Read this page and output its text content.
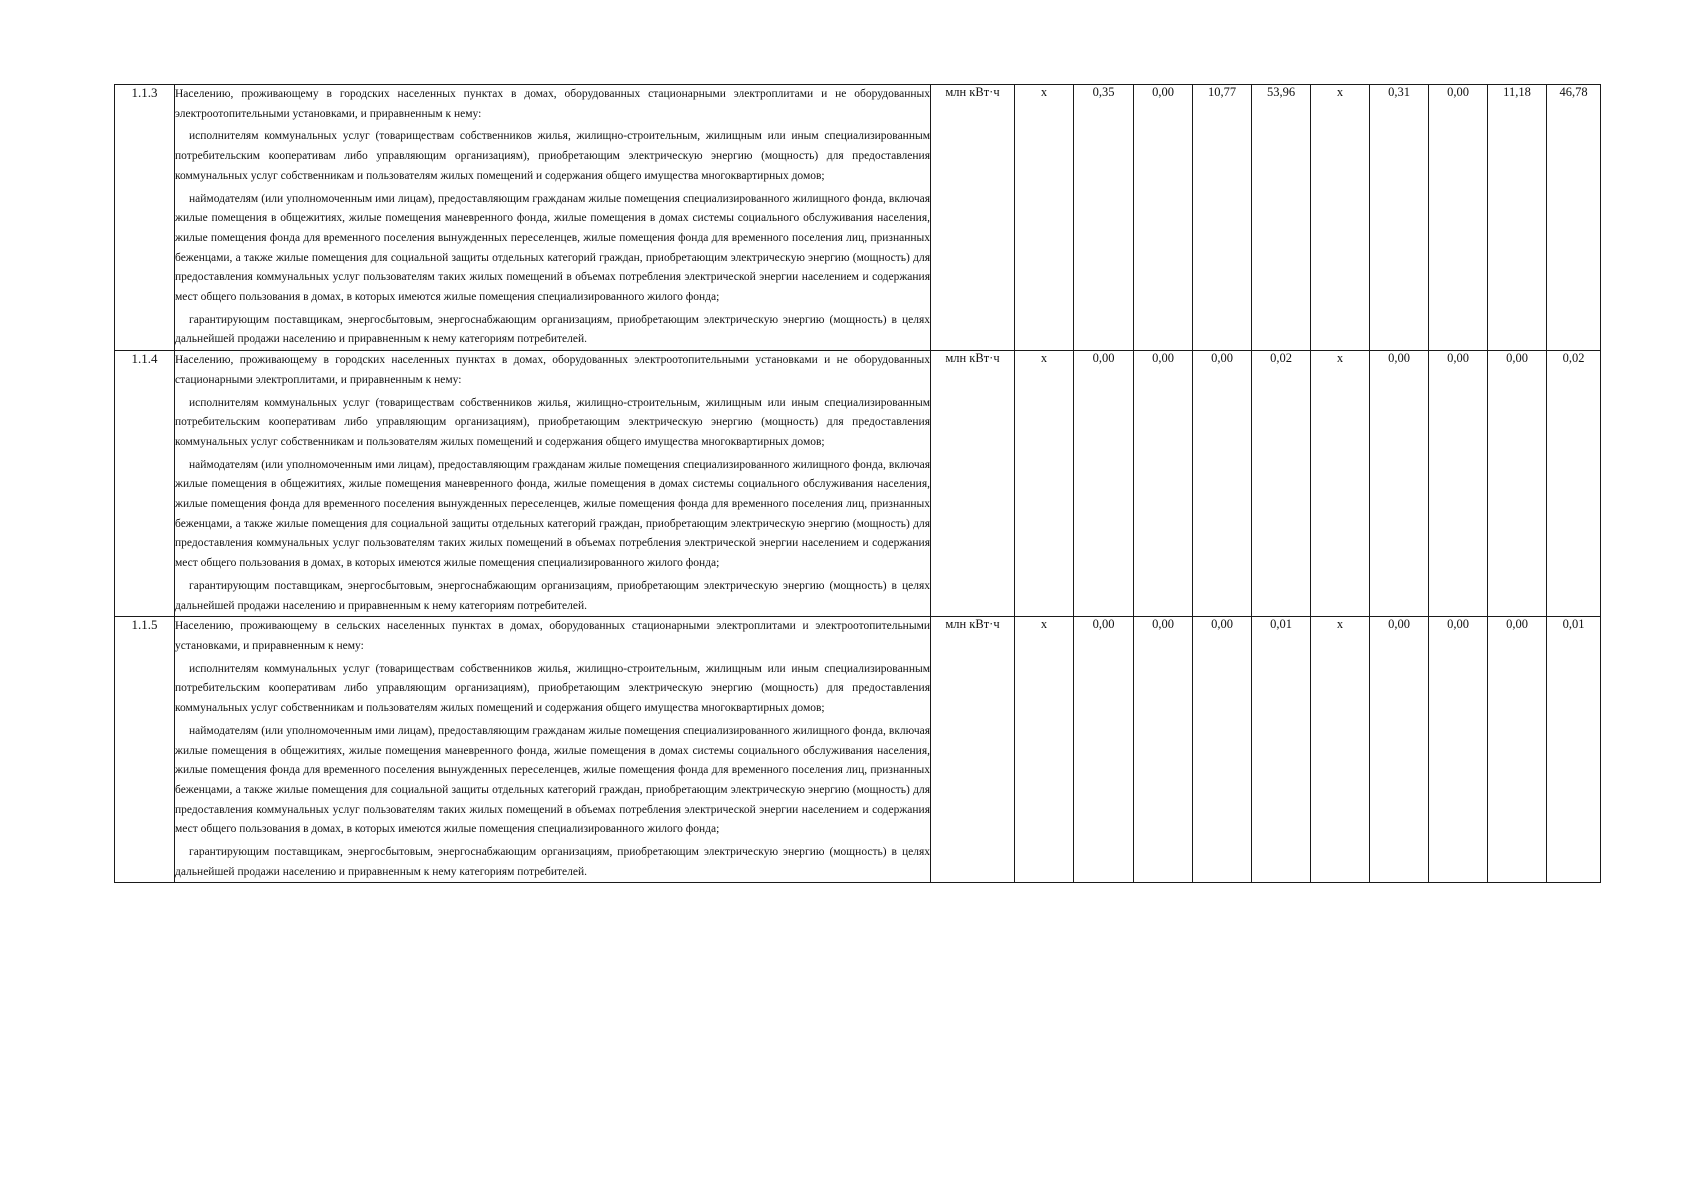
1.1.3	Населению, проживающему в городских населенных пунктах в домах, оборудованных стационарными электроплитами и не оборудованных электроотопительными установками, и приравненным к нему:

исполнителям коммунальных услуг (товариществам собственников жилья, жилищно-строительным, жилищным или иным специализированным потребительским кооперативам либо управляющим организациям), приобретающим электрическую энергию (мощность) для предоставления коммунальных услуг собственникам и пользователям жилых помещений и содержания общего имущества многоквартирных домов;

наймодателям (или уполномоченным ими лицам), предоставляющим гражданам жилые помещения специализированного жилищного фонда, включая жилые помещения в общежитиях, жилые помещения маневренного фонда, жилые помещения в домах системы социального обслуживания населения, жилые помещения фонда для временного поселения вынужденных переселенцев, жилые помещения фонда для временного поселения лиц, признанных беженцами, а также жилые помещения для социальной защиты отдельных категорий граждан, приобретающим электрическую энергию (мощность) для предоставления коммунальных услуг пользователям таких жилых помещений в объемах потребления электрической энергии населением и содержания мест общего пользования в домах, в которых имеются жилые помещения специализированного жилого фонда;

гарантирующим поставщикам, энергосбытовым, энергоснабжающим организациям, приобретающим электрическую энергию (мощность) в целях дальнейшей продажи населению и приравненным к нему категориям потребителей.	млн кВт·ч	х	0,35	0,00	10,77	53,96	х	0,31	0,00	11,18	46,78
1.1.4	Населению, проживающему в городских населенных пунктах в домах, оборудованных электроотопительными установками и не оборудованных стационарными электроплитами, и приравненным к нему:

исполнителям коммунальных услуг (товариществам собственников жилья, жилищно-строительным, жилищным или иным специализированным потребительским кооперативам либо управляющим организациям), приобретающим электрическую энергию (мощность) для предоставления коммунальных услуг собственникам и пользователям жилых помещений и содержания общего имущества многоквартирных домов;

наймодателям (или уполномоченным ими лицам), предоставляющим гражданам жилые помещения специализированного жилищного фонда, включая жилые помещения в общежитиях, жилые помещения маневренного фонда, жилые помещения в домах системы социального обслуживания населения, жилые помещения фонда для временного поселения вынужденных переселенцев, жилые помещения фонда для временного поселения лиц, признанных беженцами, а также жилые помещения для социальной защиты отдельных категорий граждан, приобретающим электрическую энергию (мощность) для предоставления коммунальных услуг пользователям таких жилых помещений в объемах потребления электрической энергии населением и содержания мест общего пользования в домах, в которых имеются жилые помещения специализированного жилого фонда;

гарантирующим поставщикам, энергосбытовым, энергоснабжающим организациям, приобретающим электрическую энергию (мощность) в целях дальнейшей продажи населению и приравненным к нему категориям потребителей.	млн кВт·ч	х	0,00	0,00	0,00	0,02	х	0,00	0,00	0,00	0,02
1.1.5	Населению, проживающему в сельских населенных пунктах в домах, оборудованных стационарными электроплитами и электроотопительными установками, и приравненным к нему:

исполнителям коммунальных услуг (товариществам собственников жилья, жилищно-строительным, жилищным или иным специализированным потребительским кооперативам либо управляющим организациям), приобретающим электрическую энергию (мощность) для предоставления коммунальных услуг собственникам и пользователям жилых помещений и содержания общего имущества многоквартирных домов;

наймодателям (или уполномоченным ими лицам), предоставляющим гражданам жилые помещения специализированного жилищного фонда, включая жилые помещения в общежитиях, жилые помещения маневренного фонда, жилые помещения в домах системы социального обслуживания населения, жилые помещения фонда для временного поселения вынужденных переселенцев, жилые помещения фонда для временного поселения лиц, признанных беженцами, а также жилые помещения для социальной защиты отдельных категорий граждан, приобретающим электрическую энергию (мощность) для предоставления коммунальных услуг пользователям таких жилых помещений в объемах потребления электрической энергии населением и содержания мест общего пользования в домах, в которых имеются жилые помещения специализированного жилого фонда;

гарантирующим поставщикам, энергосбытовым, энергоснабжающим организациям, приобретающим электрическую энергию (мощность) в целях дальнейшей продажи населению и приравненным к нему категориям потребителей.	млн кВт·ч	х	0,00	0,00	0,00	0,01	х	0,00	0,00	0,00	0,01
